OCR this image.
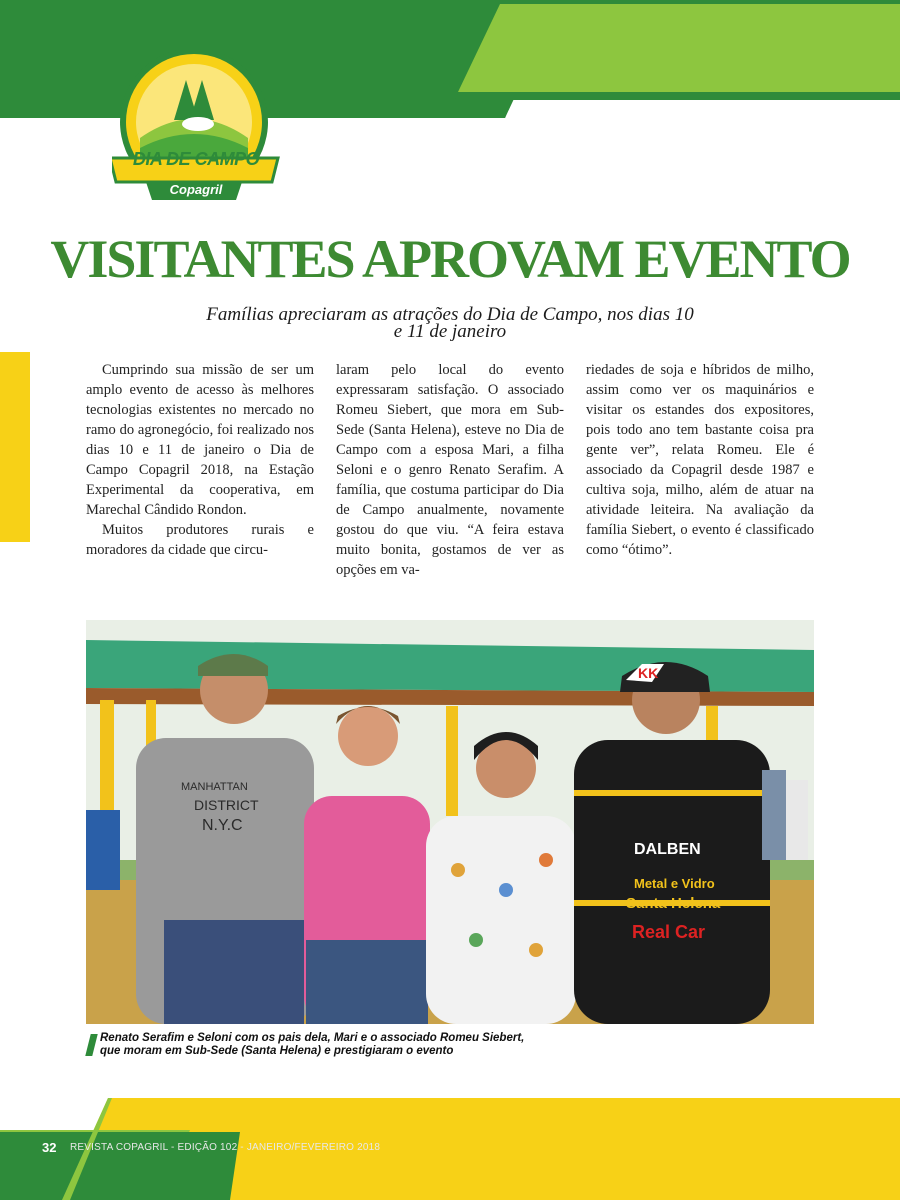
DIA DE CAMPO
Copagril
VISITANTES APROVAM EVENTO
Famílias apreciaram as atrações do Dia de Campo, nos dias 10
e 11 de janeiro

Cumprindo sua missão de ser um amplo evento de acesso às melhores tecnologias existentes no mercado no ramo do agronegócio, foi realizado nos dias 10 e 11 de janeiro o Dia de Campo Copagril 2018, na Estação Experimental da cooperativa, em Marechal Cândido Rondon.

Muitos produtores rurais e moradores da cidade que circu-

laram pelo local do evento expressaram satisfação. O associado Romeu Siebert, que mora em Sub-Sede (Santa Helena), esteve no Dia de Campo com a esposa Mari, a filha Seloni e o genro Renato Serafim. A família, que costuma participar do Dia de Campo anualmente, novamente gostou do que viu. “A feira estava muito bonita, gostamos de ver as opções em va-

riedades de soja e híbridos de milho, assim como ver os maquinários e visitar os estandes dos expositores, pois todo ano tem bastante coisa pra gente ver”, relata Romeu. Ele é associado da Copagril desde 1987 e cultiva soja, milho, além de atuar na atividade leiteira. Na avaliação da família Siebert, o evento é classificado como “ótimo”.

MANHATTAN
DISTRICT
N.Y.C
KK
DALBEN
Metal e Vidro
Santa Helena
Real Car
Renato Serafim e Seloni com os pais dela, Mari e o associado Romeu Siebert,
que moram em Sub-Sede (Santa Helena) e prestigiaram o evento
32 REVISTA COPAGRIL - EDIÇÃO 102 - JANEIRO/FEVEREIRO 2018
